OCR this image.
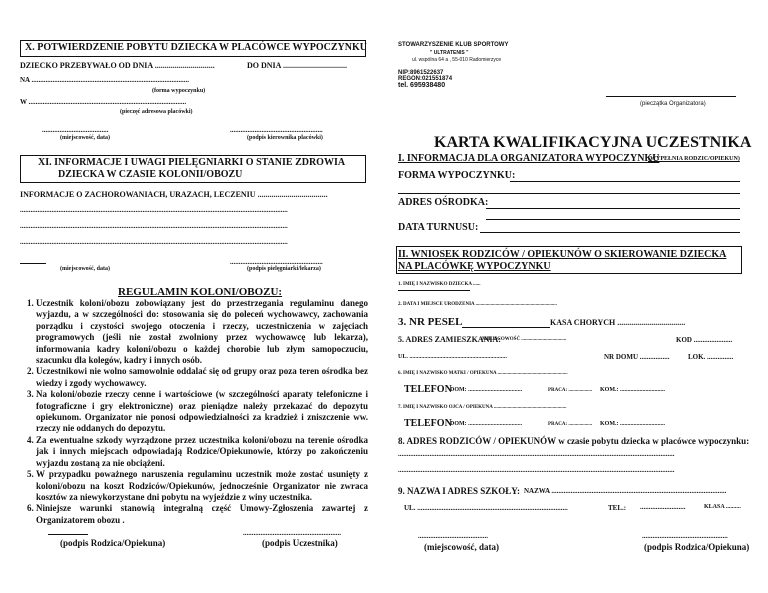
X. POTWIERDZENIE POBYTU DZIECKA W PLACÓWCE WYPOCZYNKU
DZIECKO PRZEBYWAŁO OD DNIA ..............................	DO DNIA ................................
NA ..........................................................................................
(forma wypoczynku)
W ..........................................................................................
(pieczęć adresowa placówki)
......................................
(miejscowość, data)
.....................................................
(podpis kierownika placówki)
XI. INFORMACJE I UWAGI PIELĘGNIARKI O STANIE ZDROWIA
DZIECKA W CZASIE KOLONII/OBOZU
INFORMACJE O ZACHOROWANIACH, URAZACH, LECZENIU ...................................
.........................................................................................................................................................
.........................................................................................................................................................
.........................................................................................................................................................
(miejscowość, data)
.....................................................
(podpis pielęgniarki/lekarza)
REGULAMIN KOLONI/OBOZU:
1. Uczestnik koloni/obozu zobowiązany jest do przestrzegania regulaminu danego wyjazdu, a w szczególności do: stosowania się do poleceń wychowawcy, zachowania porządku i czystości swojego otoczenia i rzeczy, uczestniczenia w zajęciach programowych (jeśli nie został zwolniony przez wychowawcę lub lekarza), informowania kadry koloni/obozu o każdej chorobie lub złym samopoczuciu, szacunku dla kolegów, kadry i innych osób.
2. Uczestnikowi nie wolno samowolnie oddalać się od grupy oraz poza teren ośrodka bez wiedzy i zgody wychowawcy.
3. Na koloni/obozie rzeczy cenne i wartościowe (w szczególności aparaty telefoniczne i fotograficzne i gry elektroniczne) oraz pieniądze należy przekazać do depozytu opiekunom. Organizator nie ponosi odpowiedzialności za kradzież i zniszczenie ww. rzeczy nie oddanych do depozytu.
4. Za ewentualne szkody wyrządzone przez uczestnika koloni/obozu na terenie ośrodka jak i innych miejscach odpowiadają Rodzice/Opiekunowie, którzy po zakończeniu wyjazdu zostaną za nie obciążeni.
5. W przypadku poważnego naruszenia regulaminu uczestnik może zostać usunięty z koloni/obozu na koszt Rodziców/Opiekunów, jednocześnie Organizator nie zwraca kosztów za niewykorzystane dni pobytu na wyjeździe z winy uczestnika.
6. Niniejsze warunki stanowią integralną część Umowy-Zgłoszenia zawartej z Organizatorem obozu .
(podpis Rodzica/Opiekuna)
........................................................
(podpis Uczestnika)
STOWARZYSZENIE KLUB SPORTOWY
" ULTRATENIS "
ul. wspólna 64 a , 55-010 Radomierzyce
NIP:8961522637
REGON:021551874
tel. 695938480
(pieczątka Organizatora)
KARTA KWALIFIKACYJNA UCZESTNIKA
I. INFORMACJA DLA ORGANIZATORA WYPOCZYNKU
(WYPEŁNIA RODZIC/OPIEKUN)
FORMA WYPOCZYNKU:
ADRES OŚRODKA:
DATA TURNUSU:
II. WNIOSEK RODZICÓW / OPIEKUNÓW O SKIEROWANIE DZIECKA
NA PLACÓWKĘ WYPOCZYNKU
1. IMIĘ I NAZWISKO DZIECKA ......
2. DATA I MIEJSCE URODZENIA .................................................................
3. NR PESEL	KASA CHORYCH ..................................
5. ADRES ZAMIESZKANIA:
MIEJSCOWOŚĆ ....................................	KOD ......................
UL. .................................................................	NR DOMU .................	LOK. ...............
6. IMIĘ I NAZWISKO MATKI / OPIEKUNA ........................................................
TELEFON
DOM: ....................................	PRACA: ................... KOM.: ..............................
7. IMIĘ I NAZWISKO OJCA / OPIEKUNA ..........................................................
TELEFON
DOM: ....................................	PRACA: ................... KOM.: ..............................
8. ADRES RODZICÓW / OPIEKUNÓW w czasie pobytu dziecka w placówce wypoczynku:
..............................................................................................................................................................
..............................................................................................................................................................
9. NAZWA I ADRES SZKOŁY: NAZWA ....................................................................................................
UL. ......................................................................................	TEL.: ..........................	KLASA ..........
........................................
(miejscowość, data)
.................................................
(podpis Rodzica/Opiekuna)
